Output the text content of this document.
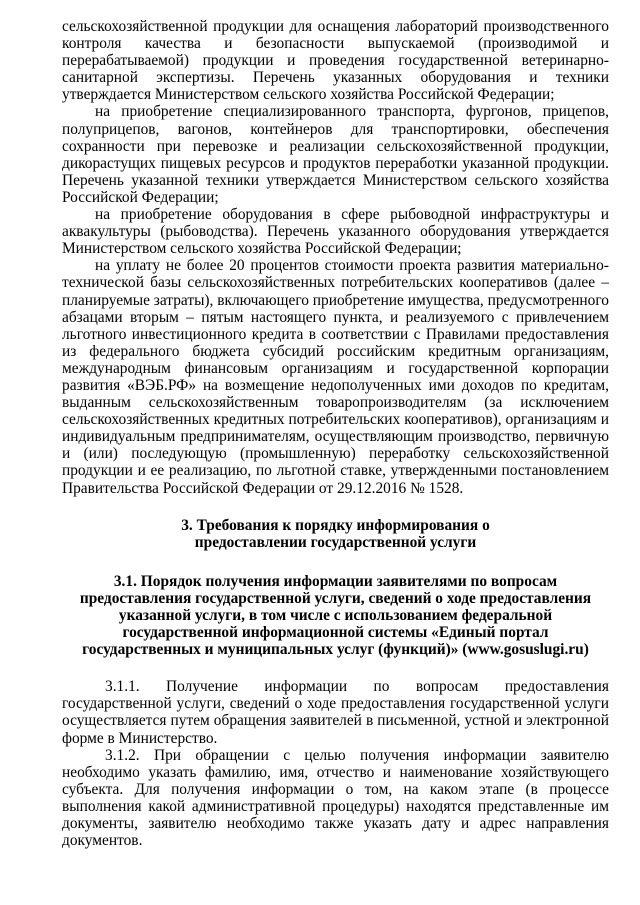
сельскохозяйственной продукции для оснащения лабораторий производственного контроля качества и безопасности выпускаемой (производимой и перерабатываемой) продукции и проведения государственной ветеринарно-санитарной экспертизы. Перечень указанных оборудования и техники утверждается Министерством сельского хозяйства Российской Федерации;

на приобретение специализированного транспорта, фургонов, прицепов, полуприцепов, вагонов, контейнеров для транспортировки, обеспечения сохранности при перевозке и реализации сельскохозяйственной продукции, дикорастущих пищевых ресурсов и продуктов переработки указанной продукции. Перечень указанной техники утверждается Министерством сельского хозяйства Российской Федерации;

на приобретение оборудования в сфере рыбоводной инфраструктуры и аквакультуры (рыбоводства). Перечень указанного оборудования утверждается Министерством сельского хозяйства Российской Федерации;

на уплату не более 20 процентов стоимости проекта развития материально-технической базы сельскохозяйственных потребительских кооперативов (далее – планируемые затраты), включающего приобретение имущества, предусмотренного абзацами вторым – пятым настоящего пункта, и реализуемого с привлечением льготного инвестиционного кредита в соответствии с Правилами предоставления из федерального бюджета субсидий российским кредитным организациям, международным финансовым организациям и государственной корпорации развития «ВЭБ.РФ» на возмещение недополученных ими доходов по кредитам, выданным сельскохозяйственным товаропроизводителям (за исключением сельскохозяйственных кредитных потребительских кооперативов), организациям и индивидуальным предпринимателям, осуществляющим производство, первичную и (или) последующую (промышленную) переработку сельскохозяйственной продукции и ее реализацию, по льготной ставке, утвержденными постановлением Правительства Российской Федерации от 29.12.2016 № 1528.

3. Требования к порядку информирования о предоставлении государственной услуги

3.1. Порядок получения информации заявителями по вопросам предоставления государственной услуги, сведений о ходе предоставления указанной услуги, в том числе с использованием федеральной государственной информационной системы «Единый портал государственных и муниципальных услуг (функций)» (www.gosuslugi.ru)

3.1.1. Получение информации по вопросам предоставления государственной услуги, сведений о ходе предоставления государственной услуги осуществляется путем обращения заявителей в письменной, устной и электронной форме в Министерство.

3.1.2. При обращении с целью получения информации заявителю необходимо указать фамилию, имя, отчество и наименование хозяйствующего субъекта. Для получения информации о том, на каком этапе (в процессе выполнения какой административной процедуры) находятся представленные им документы, заявителю необходимо также указать дату и адрес направления документов.
